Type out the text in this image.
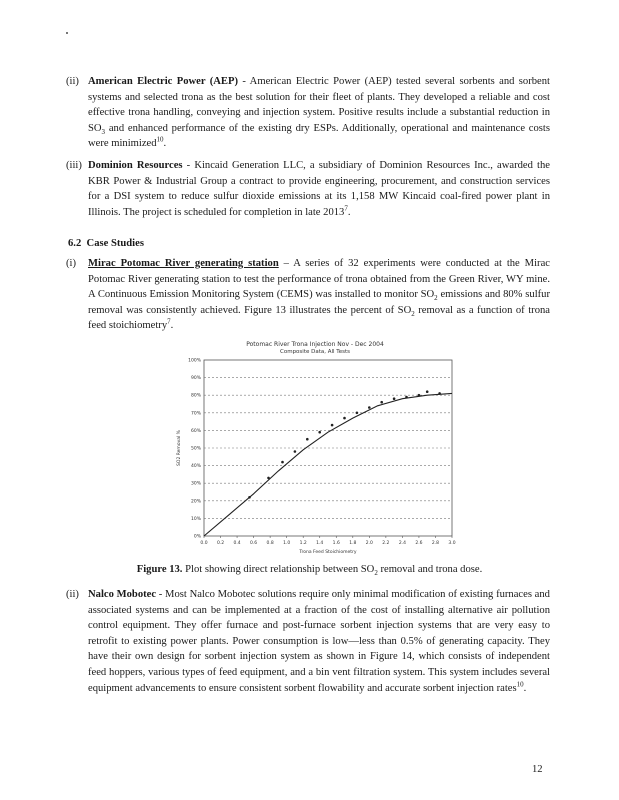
(ii) American Electric Power (AEP) - American Electric Power (AEP) tested several sorbents and sorbent systems and selected trona as the best solution for their fleet of plants. They developed a reliable and cost effective trona handling, conveying and injection system. Positive results include a substantial reduction in $SO_3$ and enhanced performance of the existing dry ESPs. Additionally, operational and maintenance costs were minimized$^{10}$.

(iii) Dominion Resources - Kincaid Generation LLC, a subsidiary of Dominion Resources Inc., awarded the KBR Power & Industrial Group a contract to provide engineering, procurement, and construction services for a DSI system to reduce sulfur dioxide emissions at its 1,158 MW Kincaid coal-fired power plant in Illinois. The project is scheduled for completion in late 2013$^7$.

6.2 Case Studies
(i) Mirac Potomac River generating station – A series of 32 experiments were conducted at the Mirac Potomac River generating station to test the performance of trona obtained from the Green River, WY mine. A Continuous Emission Monitoring System (CEMS) was installed to monitor $SO_2$ emissions and 80% sulfur removal was consistently achieved. Figure 13 illustrates the percent of $SO_2$ removal as a function of trona feed stoichiometry$^7$.

Potomac River Trona Injection Nov - Dec 2004
Composite Data, All Tests
0%
10%
20%
30%
40%
50%
60%
70%
80%
90%
100%
0.0 0.2 0.4 0.6 0.8 1.0 1.2 1.4 1.6 1.8 2.0 2.2 2.4 2.6 2.8 3.0
Trona Feed Stoichiometry
SO2 Removal %
Figure 13. Plot showing direct relationship between $SO_2$ removal and trona dose.
(ii) Nalco Mobotec - Most Nalco Mobotec solutions require only minimal modification of existing furnaces and associated systems and can be implemented at a fraction of the cost of installing alternative air pollution control equipment. They offer furnace and post-furnace sorbent injection systems that are very easy to retrofit to existing power plants. Power consumption is low—less than 0.5% of generating capacity. They have their own design for sorbent injection system as shown in Figure 14, which consists of independent feed hoppers, various types of feed equipment, and a bin vent filtration system. This system includes several equipment advancements to ensure consistent sorbent flowability and accurate sorbent injection rates$^{10}$.

12
